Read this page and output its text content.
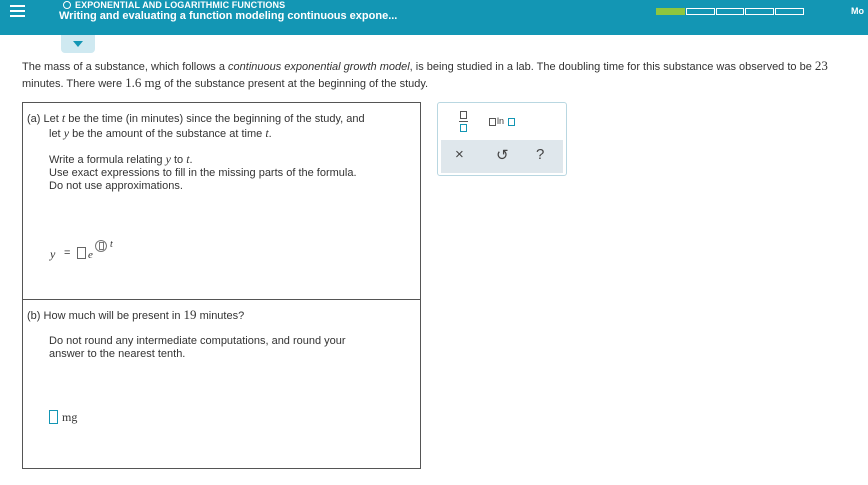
EXPONENTIAL AND LOGARITHMIC FUNCTIONS
Writing and evaluating a function modeling continuous expone...	Mo
The mass of a substance, which follows a continuous exponential growth model, is being studied in a lab. The doubling time for this substance was observed to be 23 minutes. There were 1.6 mg of the substance present at the beginning of the study.
(a) Let t be the time (in minutes) since the beginning of the study, and
let y be the amount of the substance at time t.
Write a formula relating y to t.
Use exact expressions to fill in the missing parts of the formula.
Do not use approximations.
y = e
t
(b) How much will be present in 19 minutes?
Do not round any intermediate computations, and round your
answer to the nearest tenth.
mg
ln
× ↺ ?
